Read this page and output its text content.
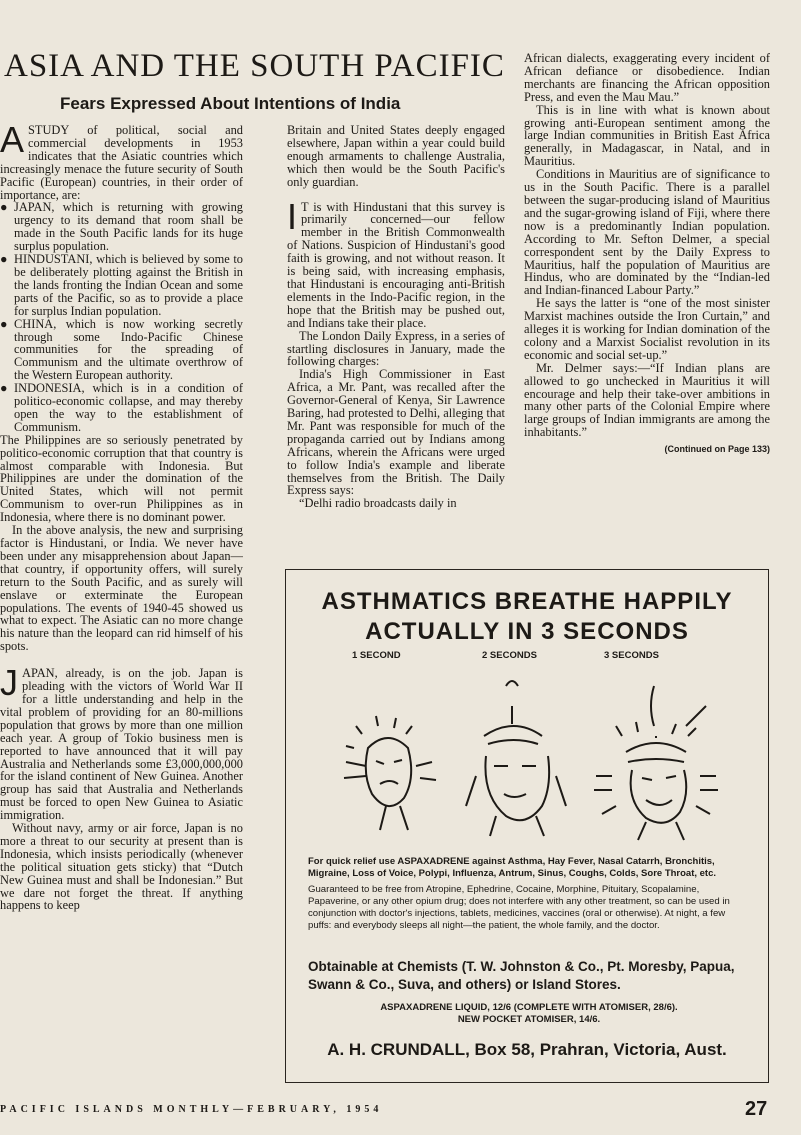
ASIA AND THE SOUTH PACIFIC
Fears Expressed About Intentions of India

ASTUDY of political, social and commercial developments in 1953 indicates that the Asiatic countries which increasingly menace the future security of South Pacific (European) countries, in their order of importance, are:

● JAPAN, which is returning with growing urgency to its demand that room shall be made in the South Pacific lands for its huge surplus population.
● HINDUSTANI, which is believed by some to be deliberately plotting against the British in the lands fronting the Indian Ocean and some parts of the Pacific, so as to provide a place for surplus Indian population.
● CHINA, which is now working secretly through some Indo-Pacific Chinese communities for the spreading of Communism and the ultimate overthrow of the Western European authority.
● INDONESIA, which is in a condition of politico-economic collapse, and may thereby open the way to the establishment of Communism.

The Philippines are so seriously penetrated by politico-economic corruption that that country is almost comparable with Indonesia. But Philippines are under the domination of the United States, which will not permit Communism to over-run Philippines as in Indonesia, where there is no dominant power.

In the above analysis, the new and surprising factor is Hindustani, or India. We never have been under any misapprehension about Japan—that country, if opportunity offers, will surely return to the South Pacific, and as surely will enslave or exterminate the European populations. The events of 1940-45 showed us what to expect. The Asiatic can no more change his nature than the leopard can rid himself of his spots.

JAPAN, already, is on the job. Japan is pleading with the victors of World War II for a little understanding and help in the vital problem of providing for an 80-millions population that grows by more than one million each year. A group of Tokio business men is reported to have announced that it will pay Australia and Netherlands some £3,000,000,000 for the island continent of New Guinea. Another group has said that Australia and Netherlands must be forced to open New Guinea to Asiatic immigration.

Without navy, army or air force, Japan is no more a threat to our security at present than is Indonesia, which insists periodically (whenever the political situation gets sticky) that “Dutch New Guinea must and shall be Indonesian.” But we dare not forget the threat. If anything happens to keep

Britain and United States deeply engaged elsewhere, Japan within a year could build enough armaments to challenge Australia, which then would be the South Pacific's only guardian.

I T is with Hindustani that this survey is primarily concerned—our fellow member in the British Commonwealth of Nations. Suspicion of Hindustani's good faith is growing, and not without reason. It is being said, with increasing emphasis, that Hindustani is encouraging anti-British elements in the Indo-Pacific region, in the hope that the British may be pushed out, and Indians take their place.

The London Daily Express, in a series of startling disclosures in January, made the following charges:

India's High Commissioner in East Africa, a Mr. Pant, was recalled after the Governor-General of Kenya, Sir Lawrence Baring, had protested to Delhi, alleging that Mr. Pant was responsible for much of the propaganda carried out by Indians among Africans, wherein the Africans were urged to follow India's example and liberate themselves from the British. The Daily Express says:

“Delhi radio broadcasts daily in

African dialects, exaggerating every incident of African defiance or disobedience. Indian merchants are financing the African opposition Press, and even the Mau Mau.”

This is in line with what is known about growing anti-European sentiment among the large Indian communities in British East Africa generally, in Madagascar, in Natal, and in Mauritius.

Conditions in Mauritius are of significance to us in the South Pacific. There is a parallel between the sugar-producing island of Mauritius and the sugar-growing island of Fiji, where there now is a predominantly Indian population. According to Mr. Sefton Delmer, a special correspondent sent by the Daily Express to Mauritius, half the population of Mauritius are Hindus, who are dominated by the “Indian-led and Indian-financed Labour Party.”

He says the latter is “one of the most sinister Marxist machines outside the Iron Curtain,” and alleges it is working for Indian domination of the colony and a Marxist Socialist revolution in its economic and social set-up.”

Mr. Delmer says:—“If Indian plans are allowed to go unchecked in Mauritius it will encourage and help their take-over ambitions in many other parts of the Colonial Empire where large groups of Indian immigrants are among the inhabitants.”

(Continued on Page 133)

ASTHMATICS BREATHE HAPPILY
ACTUALLY IN 3 SECONDS
1 SECOND	2 SECONDS	3 SECONDS
For quick relief use ASPAXADRENE against Asthma, Hay Fever, Nasal Catarrh, Bronchitis, Migraine, Loss of Voice, Polypi, Influenza, Antrum, Sinus, Coughs, Colds, Sore Throat, etc.
Guaranteed to be free from Atropine, Ephedrine, Cocaine, Morphine, Pituitary, Scopalamine, Papaverine, or any other opium drug; does not interfere with any other treatment, so can be used in conjunction with doctor's injections, tablets, medicines, vaccines (oral or otherwise). At night, a few puffs: and everybody sleeps all night—the patient, the whole family, and the doctor.
Obtainable at Chemists (T. W. Johnston & Co., Pt. Moresby, Papua, Swann & Co., Suva, and others) or Island Stores.
ASPAXADRENE LIQUID, 12/6 (COMPLETE WITH ATOMISER, 28/6).
NEW POCKET ATOMISER, 14/6.
A. H. CRUNDALL, Box 58, Prahran, Victoria, Aust.
PACIFIC ISLANDS MONTHLY—FEBRUARY, 1954	27
